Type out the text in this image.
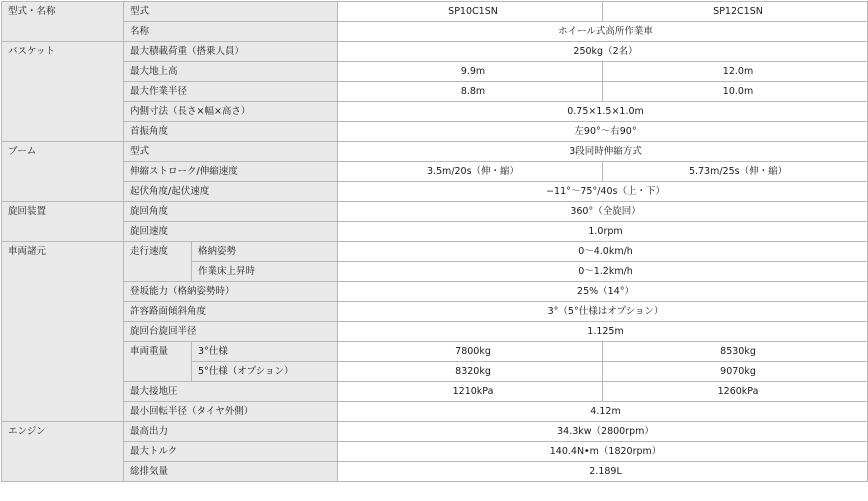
型式・名称	型式		SP10C1SN	SP12C1SN
	名称		ホイール式高所作業車	
バスケット	最大積載荷重（搭乗人員）		250kg（2名）	
	最大地上高		9.9m	12.0m
	最大作業半径		8.8m	10.0m
	内側寸法（長さ×幅×高さ）		0.75×1.5×1.0m	
	首振角度		左90°～右90°	
ブーム	型式		3段同時伸縮方式	
	伸縮ストローク/伸縮速度		3.5m/20s（伸・縮）	5.73m/25s（伸・縮）
	起伏角度/起伏速度		−11°～75°/40s（上・下）	
旋回装置	旋回角度		360°（全旋回）	
	旋回速度		1.0rpm	
車両諸元	走行速度	格納姿勢	0～4.0km/h	
		作業床上昇時	0～1.2km/h	
	登坂能力（格納姿勢時）		25%（14°）	
	許容路面傾斜角度		3°（5°仕様はオプション）	
	旋回台旋回半径		1.125m	
	車両重量	3°仕様	7800kg	8530kg
		5°仕様（オプション）	8320kg	9070kg
	最大接地圧		1210kPa	1260kPa
	最小回転半径（タイヤ外側）		4.12m	
エンジン	最高出力		34.3kw（2800rpm）	
	最大トルク		140.4N•m（1820rpm）	
	総排気量		2.189L	
